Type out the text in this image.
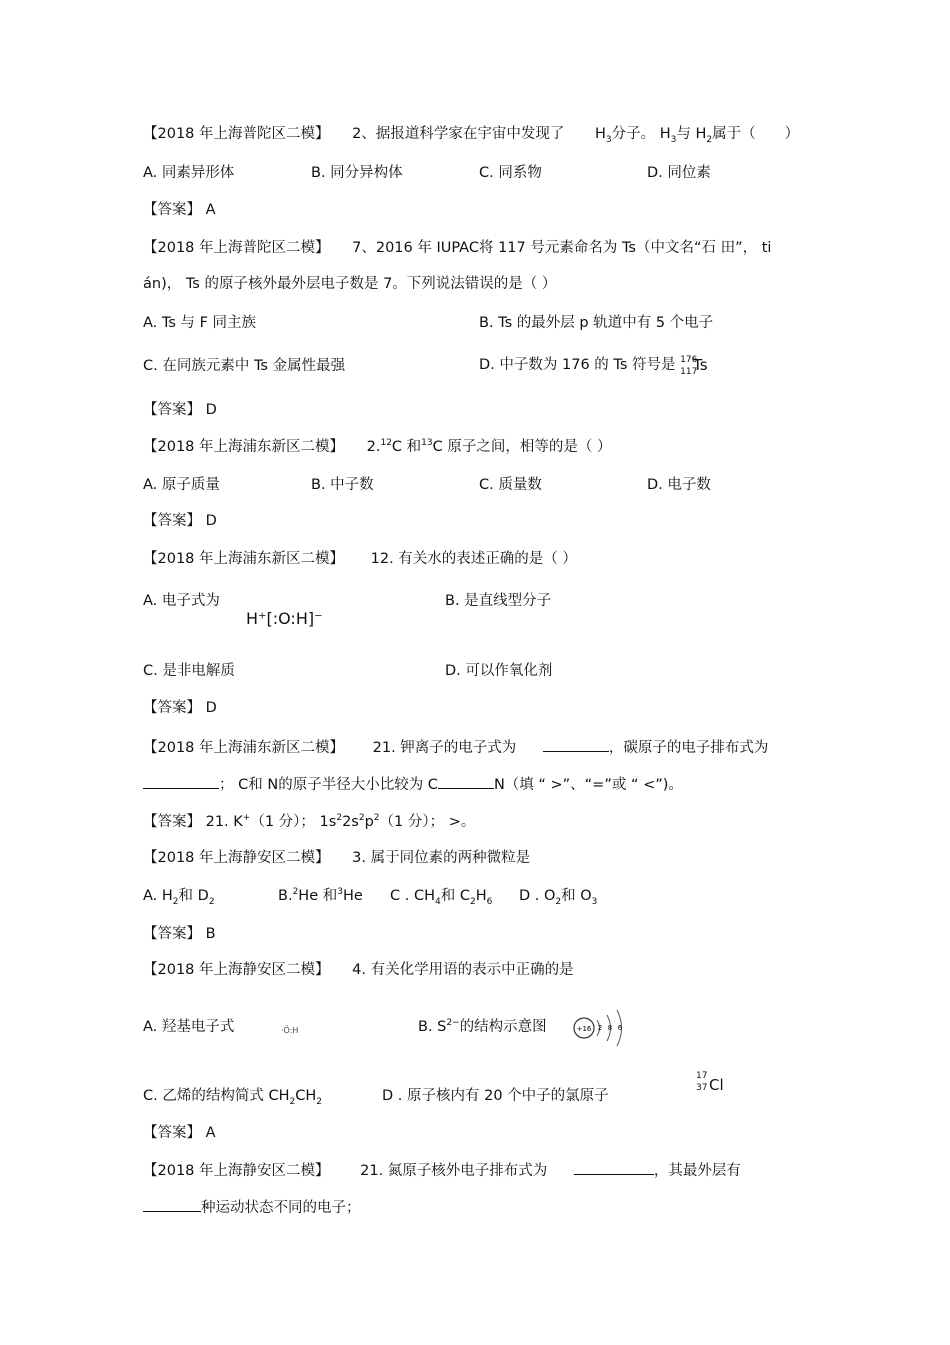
【2018 年上海普陀区二模】 2、据报道科学家在宇宙中发现了 $H_3$分子。 $H_3$与 $H_2$属于（　　）
A. 同素异形体	B. 同分异构体	C. 同系物	D. 同位素
【答案】 A
【2018 年上海普陀区二模】 7、2016 年 IUPAC将 117 号元素命名为 Ts（中文名“石 田”， ti
án)， Ts 的原子核外最外层电子数是 7。下列说法错误的是（ ）
A. Ts 与 F 同主族	B. Ts 的最外层 p 轨道中有 5 个电子
C. 在同族元素中 Ts 金属性最强	D. 中子数为 176 的 Ts 符号是 176
117
Ts
【答案】 D
【2018 年上海浦东新区二模】 2.12C 和$^{13}$C 原子之间，相等的是（ ）
A. 原子质量	B. 中子数	C. 质量数	D. 电子数
【答案】 D
【2018 年上海浦东新区二模】 12. 有关水的表述正确的是（ ）
A. 电子式为
H⁺[:O:H]⁻
B. 是直线型分子
C. 是非电解质	D. 可以作氧化剂
【答案】 D
【2018 年上海浦东新区二模】 21. 钾离子的电子式为	，碳原子的电子排布式为
； C和 N的原子半径大小比较为 C	N（填 “ >”、“=”或 “ <”)。
【答案】 21. K+（1 分）； $1s^22s^2p^2(1$ 分）； >。
【2018 年上海静安区二模】 3. 属于同位素的两种微粒是
A. $H_2$和 $D_2$	B.$^2$He 和$^3$He C . $CH_4$和 $C_2H_6$ D . $O_2$和 $O_3$
【答案】 B
【2018 年上海静安区二模】 4. 有关化学用语的表示中正确的是
A. 羟基电子式	·Ö:H	B. $S^{2-}$的结构示意图	+16 2 8 6
C. 乙烯的结构简式 $CH_2CH_2$	D . 原子核内有 20 个中子的氯原子
17
37 Cl
【答案】 A
【2018 年上海静安区二模】 21. 氮原子核外电子排布式为	，其最外层有
种运动状态不同的电子；
